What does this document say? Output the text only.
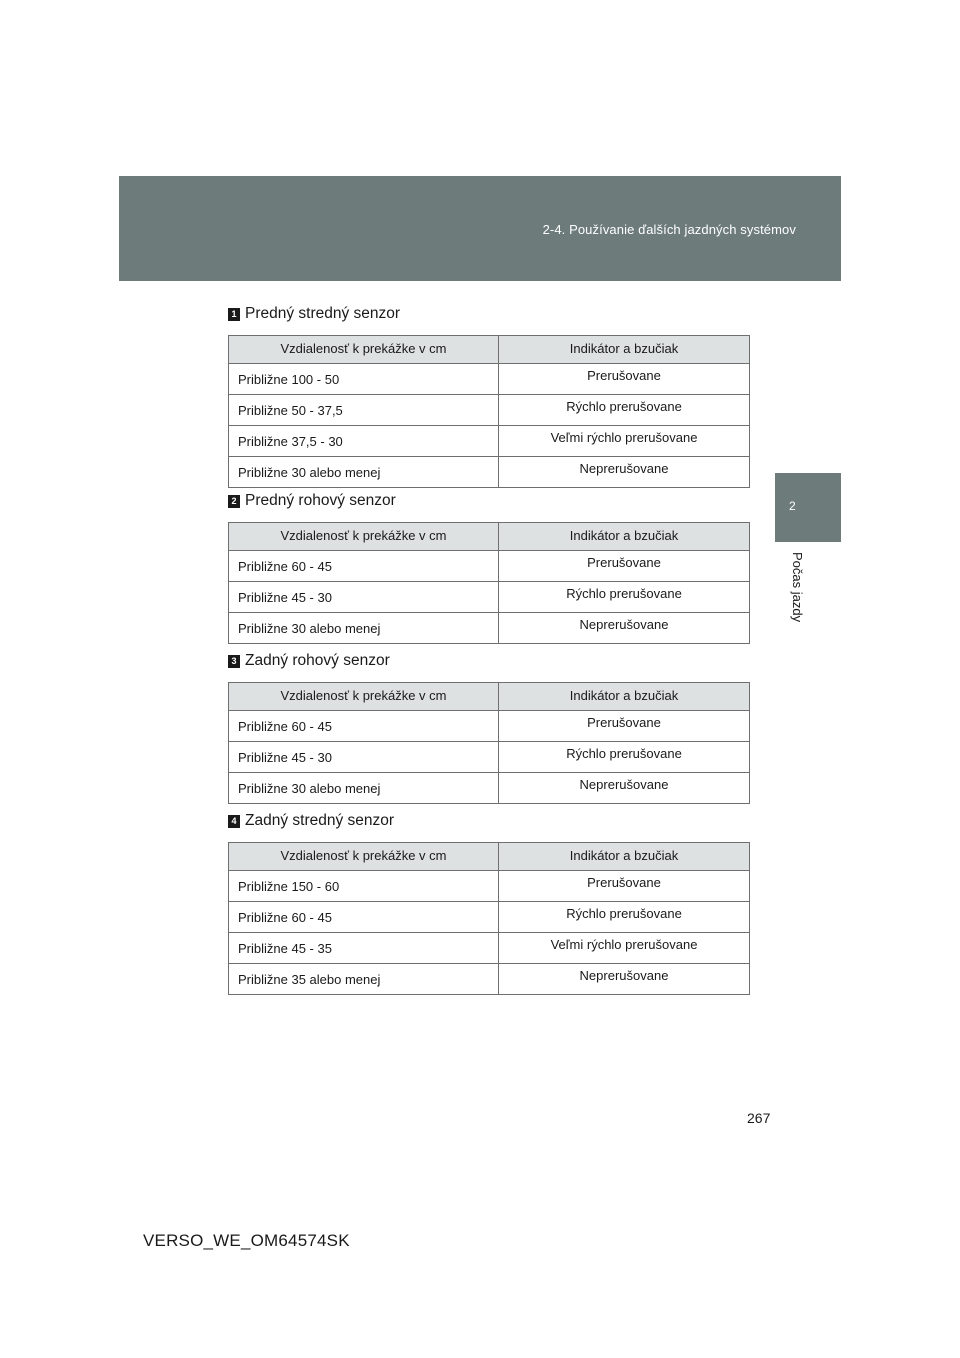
2-4. Používanie ďalších jazdných systémov
2
Počas jazdy
1 Predný stredný senzor
Vzdialenosť k prekážke v cm	Indikátor a bzučiak
Približne 100 - 50	Prerušovane
Približne 50 - 37,5	Rýchlo prerušovane
Približne 37,5 - 30	Veľmi rýchlo prerušovane
Približne 30 alebo menej	Neprerušovane
2 Predný rohový senzor
Vzdialenosť k prekážke v cm	Indikátor a bzučiak
Približne 60 - 45	Prerušovane
Približne 45 - 30	Rýchlo prerušovane
Približne 30 alebo menej	Neprerušovane
3 Zadný rohový senzor
Vzdialenosť k prekážke v cm	Indikátor a bzučiak
Približne 60 - 45	Prerušovane
Približne 45 - 30	Rýchlo prerušovane
Približne 30 alebo menej	Neprerušovane
4 Zadný stredný senzor
Vzdialenosť k prekážke v cm	Indikátor a bzučiak
Približne 150 - 60	Prerušovane
Približne 60 - 45	Rýchlo prerušovane
Približne 45 - 35	Veľmi rýchlo prerušovane
Približne 35 alebo menej	Neprerušovane
267
VERSO_WE_OM64574SK
